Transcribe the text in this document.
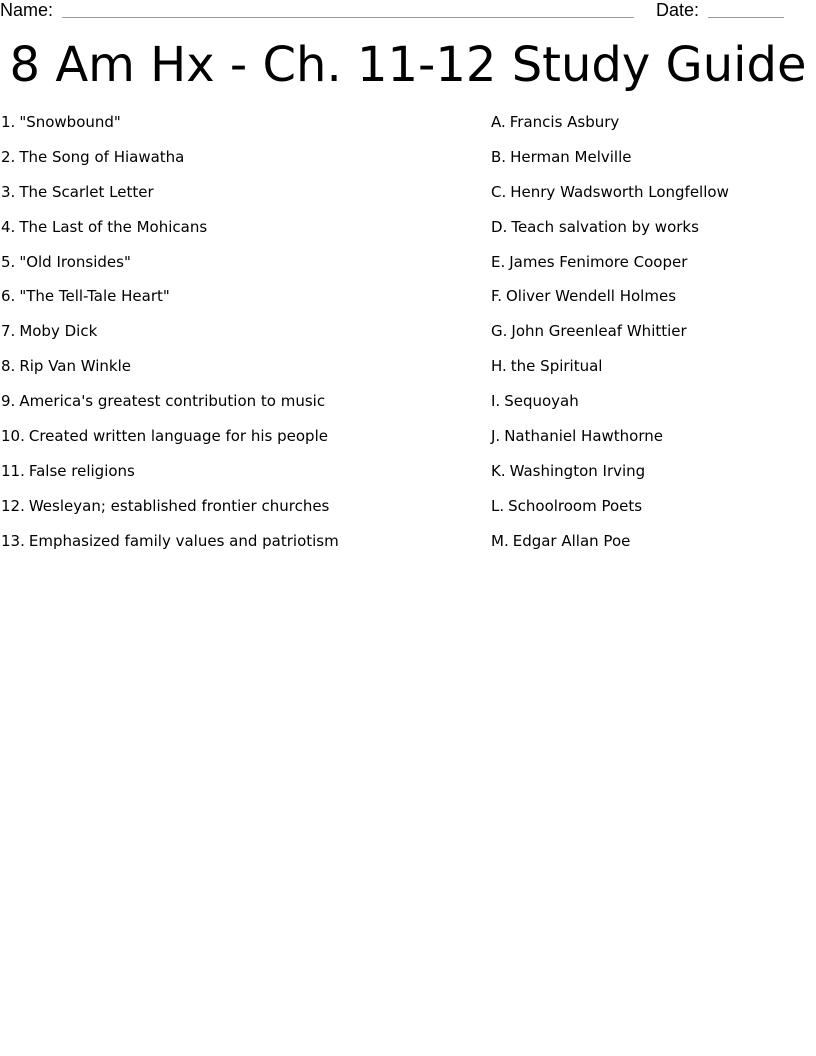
Name:	Date:
8 Am Hx - Ch. 11-12 Study Guide
1. "Snowbound"
2. The Song of Hiawatha
3. The Scarlet Letter
4. The Last of the Mohicans
5. "Old Ironsides"
6. "The Tell-Tale Heart"
7. Moby Dick
8. Rip Van Winkle
9. America's greatest contribution to music
10. Created written language for his people
11. False religions
12. Wesleyan; established frontier churches
13. Emphasized family values and patriotism
A. Francis Asbury
B. Herman Melville
C. Henry Wadsworth Longfellow
D. Teach salvation by works
E. James Fenimore Cooper
F. Oliver Wendell Holmes
G. John Greenleaf Whittier
H. the Spiritual
I. Sequoyah
J. Nathaniel Hawthorne
K. Washington Irving
L. Schoolroom Poets
M. Edgar Allan Poe
